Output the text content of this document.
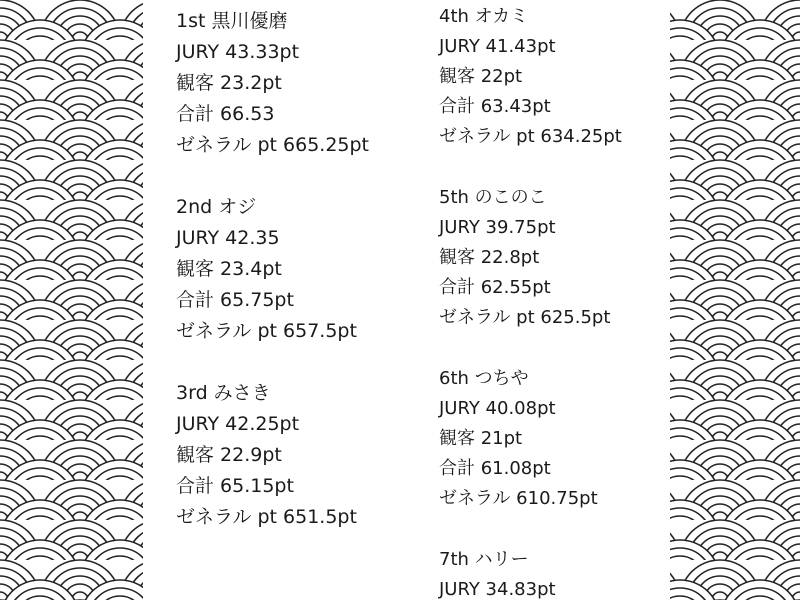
1st 黒川優磨
JURY 43.33pt
観客 23.2pt
合計 66.53
ゼネラル pt 665.25pt
2nd オジ
JURY 42.35
観客 23.4pt
合計 65.75pt
ゼネラル pt 657.5pt
3rd みさき
JURY 42.25pt
観客 22.9pt
合計 65.15pt
ゼネラル pt 651.5pt
4th オカミ
JURY 41.43pt
観客 22pt
合計 63.43pt
ゼネラル pt 634.25pt
5th のこのこ
JURY 39.75pt
観客 22.8pt
合計 62.55pt
ゼネラル pt 625.5pt
6th つちや
JURY 40.08pt
観客 21pt
合計 61.08pt
ゼネラル 610.75pt
7th ハリー
JURY 34.83pt
